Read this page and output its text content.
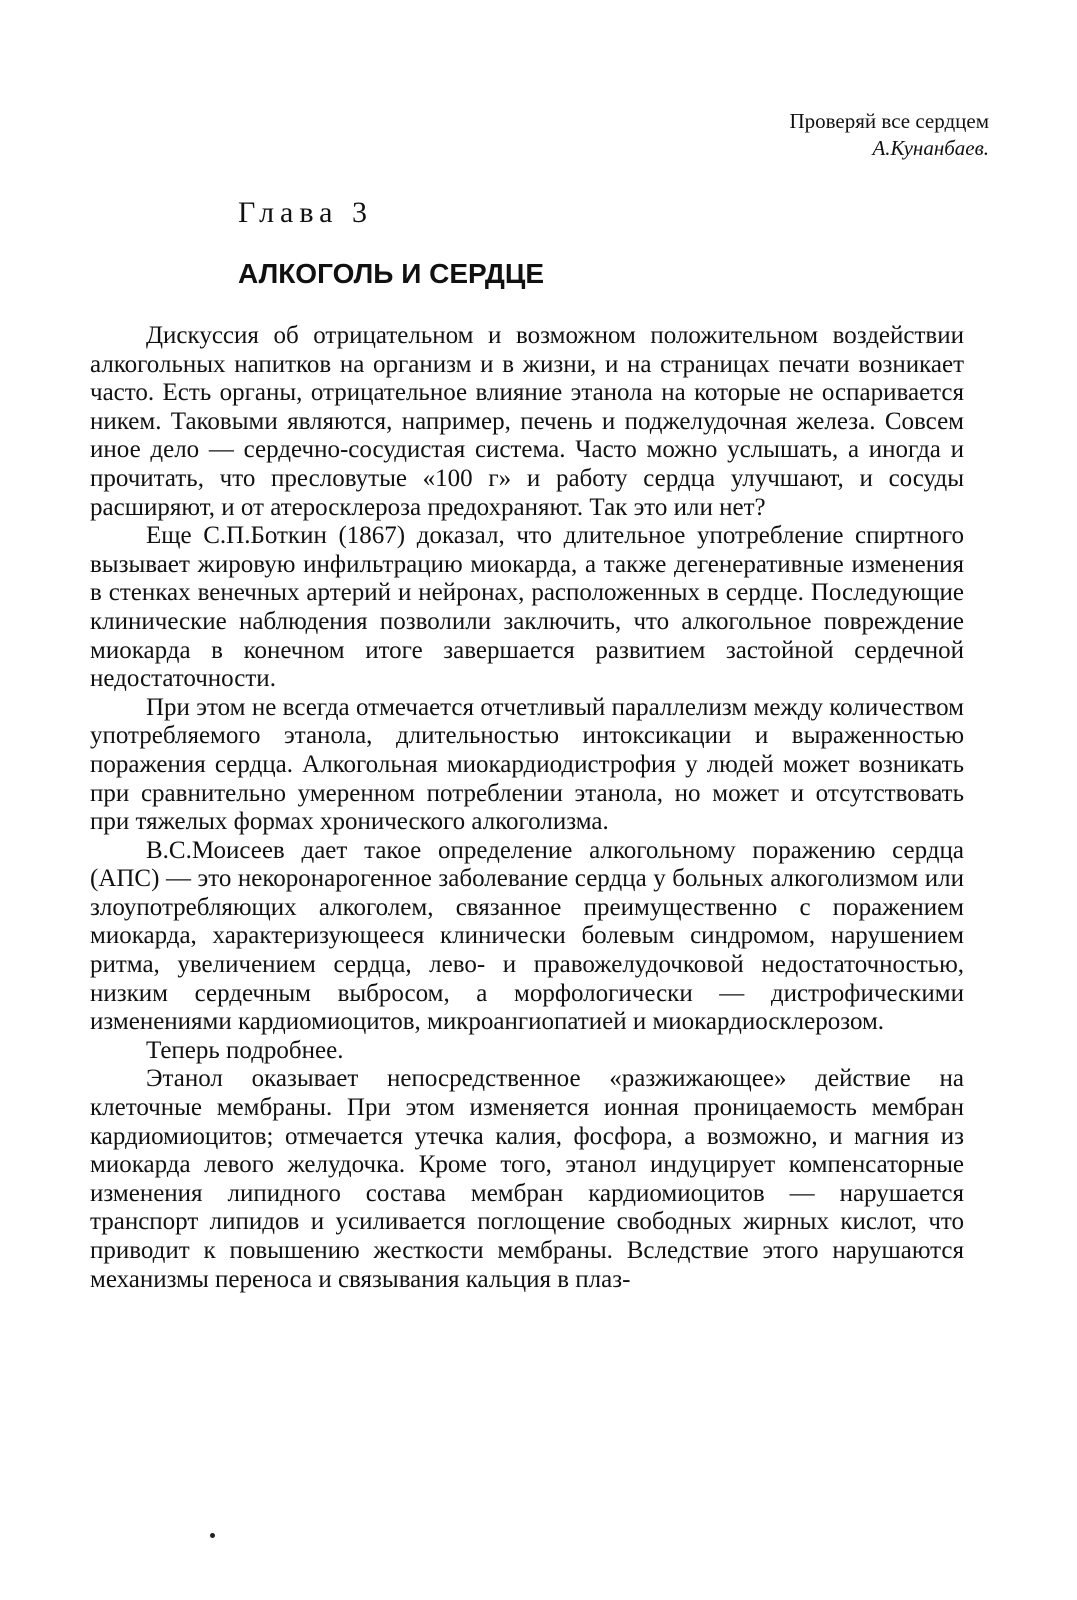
Проверяй все сердцем
А.Кунанбаев.
Глава 3
АЛКОГОЛЬ И СЕРДЦЕ

Дискуссия об отрицательном и возможном положительном воздействии алкогольных напитков на организм и в жизни, и на страницах печати возникает часто. Есть органы, отрицательное влияние этанола на которые не оспаривается никем. Таковыми являются, например, печень и поджелудочная железа. Совсем иное дело — сердечно-сосудистая система. Часто можно услышать, а иногда и прочитать, что пресловутые «100 г» и работу сердца улучшают, и сосуды расширяют, и от атеросклероза предохраняют. Так это или нет?

Еще С.П.Боткин (1867) доказал, что длительное употребление спиртного вызывает жировую инфильтрацию миокарда, а также дегенеративные изменения в стенках венечных артерий и нейронах, расположенных в сердце. Последующие клинические наблюдения позволили заключить, что алкогольное повреждение миокарда в конечном итоге завершается развитием застойной сердечной недостаточности.

При этом не всегда отмечается отчетливый параллелизм между количеством употребляемого этанола, длительностью интоксикации и выраженностью поражения сердца. Алкогольная миокардиодистрофия у людей может возникать при сравнительно умеренном потреблении этанола, но может и отсутствовать при тяжелых формах хронического алкоголизма.

В.С.Моисеев дает такое определение алкогольному поражению сердца (АПС) — это некоронарогенное заболевание сердца у больных алкоголизмом или злоупотребляющих алкоголем, связанное преимущественно с поражением миокарда, характеризующееся клинически болевым синдромом, нарушением ритма, увеличением сердца, лево- и правожелудочковой недостаточностью, низким сердечным выбросом, а морфологически — дистрофическими изменениями кардиомиоцитов, микроангиопатией и миокардиосклерозом.

Теперь подробнее.

Этанол оказывает непосредственное «разжижающее» действие на клеточные мембраны. При этом изменяется ионная проницаемость мембран кардиомиоцитов; отмечается утечка калия, фосфора, а возможно, и магния из миокарда левого желудочка. Кроме того, этанол индуцирует компенсаторные изменения липидного состава мембран кардиомиоцитов — нарушается транспорт липидов и усиливается поглощение свободных жирных кислот, что приводит к повышению жесткости мембраны. Вследствие этого нарушаются механизмы переноса и связывания кальция в плаз-
